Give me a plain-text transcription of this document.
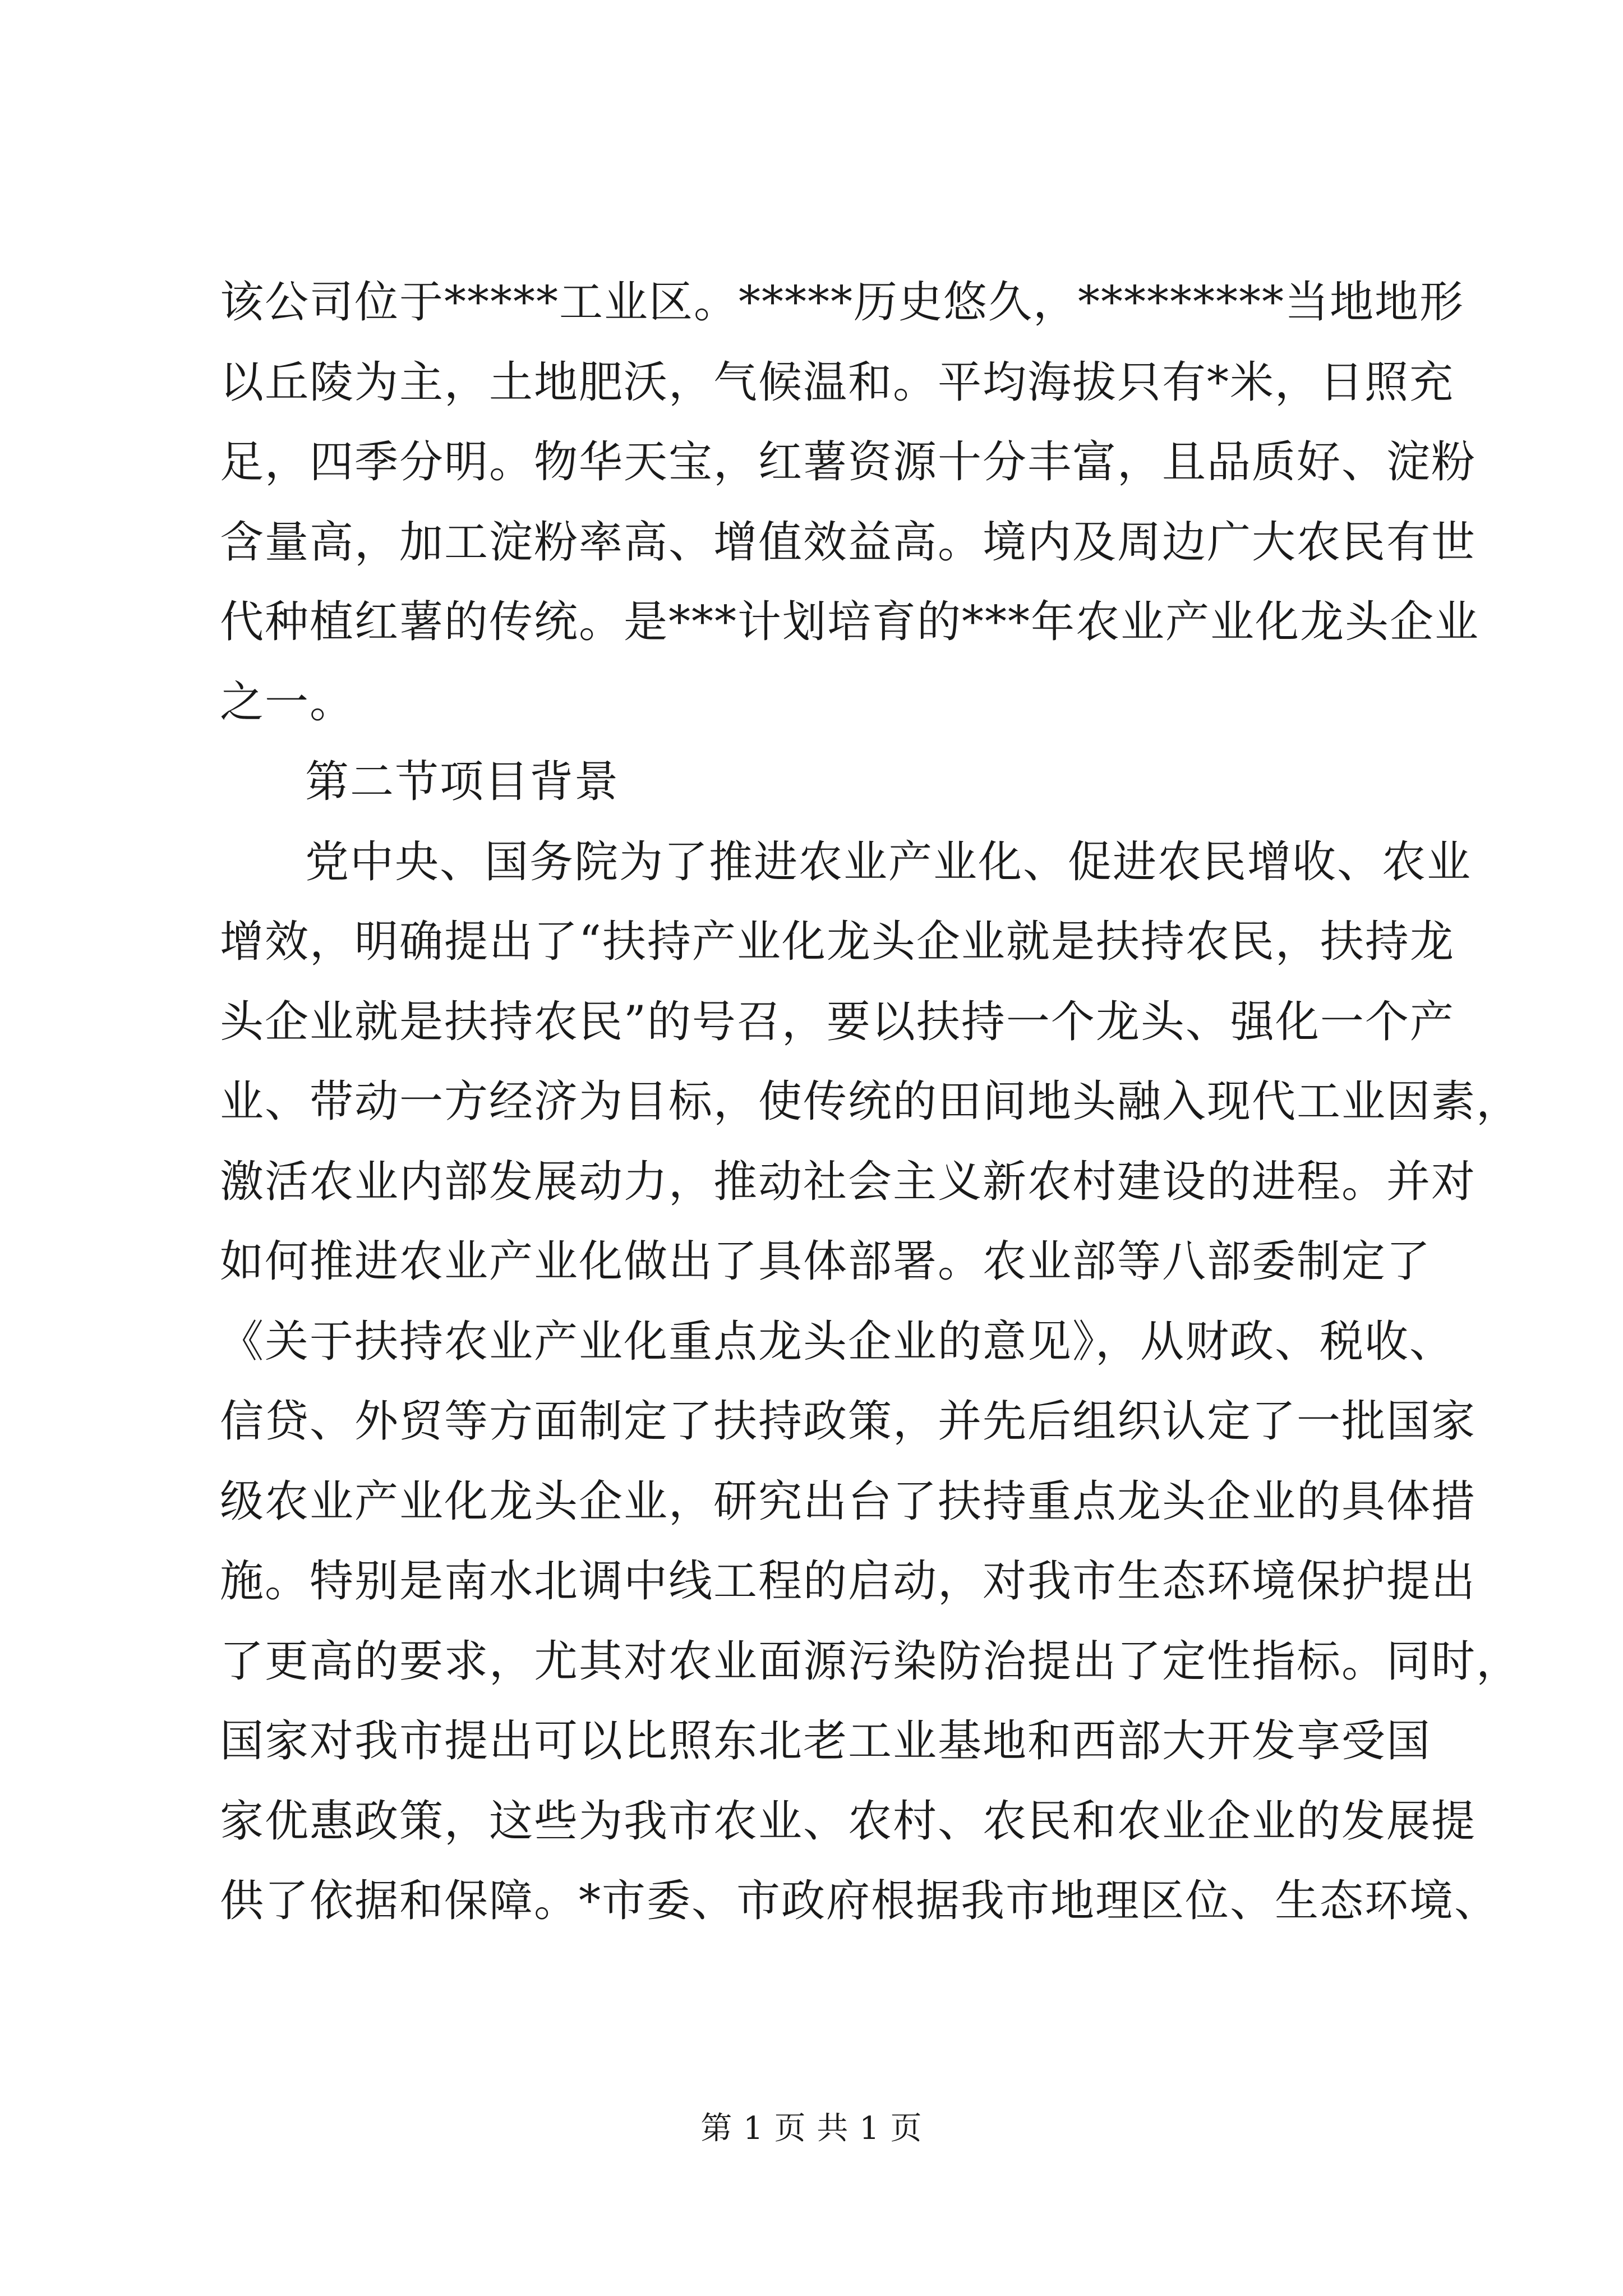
该公司位于*****工业区。*****历史悠久，*********当地地形
以丘陵为主，土地肥沃，气候温和。平均海拔只有*米，日照充
足，四季分明。物华天宝，红薯资源十分丰富，且品质好、淀粉
含量高，加工淀粉率高、增值效益高。境内及周边广大农民有世
代种植红薯的传统。是***计划培育的***年农业产业化龙头企业
之一。
第二节项目背景
党中央、国务院为了推进农业产业化、促进农民增收、农业
增效，明确提出了“扶持产业化龙头企业就是扶持农民，扶持龙
头企业就是扶持农民”的号召，要以扶持一个龙头、强化一个产
业、带动一方经济为目标，使传统的田间地头融入现代工业因素，
激活农业内部发展动力，推动社会主义新农村建设的进程。并对
如何推进农业产业化做出了具体部署。农业部等八部委制定了
《关于扶持农业产业化重点龙头企业的意见》，从财政、税收、
信贷、外贸等方面制定了扶持政策，并先后组织认定了一批国家
级农业产业化龙头企业，研究出台了扶持重点龙头企业的具体措
施。特别是南水北调中线工程的启动，对我市生态环境保护提出
了更高的要求，尤其对农业面源污染防治提出了定性指标。同时，
国家对我市提出可以比照东北老工业基地和西部大开发享受国
家优惠政策，这些为我市农业、农村、农民和农业企业的发展提
供了依据和保障。*市委、市政府根据我市地理区位、生态环境、
第 1 页 共 1 页
